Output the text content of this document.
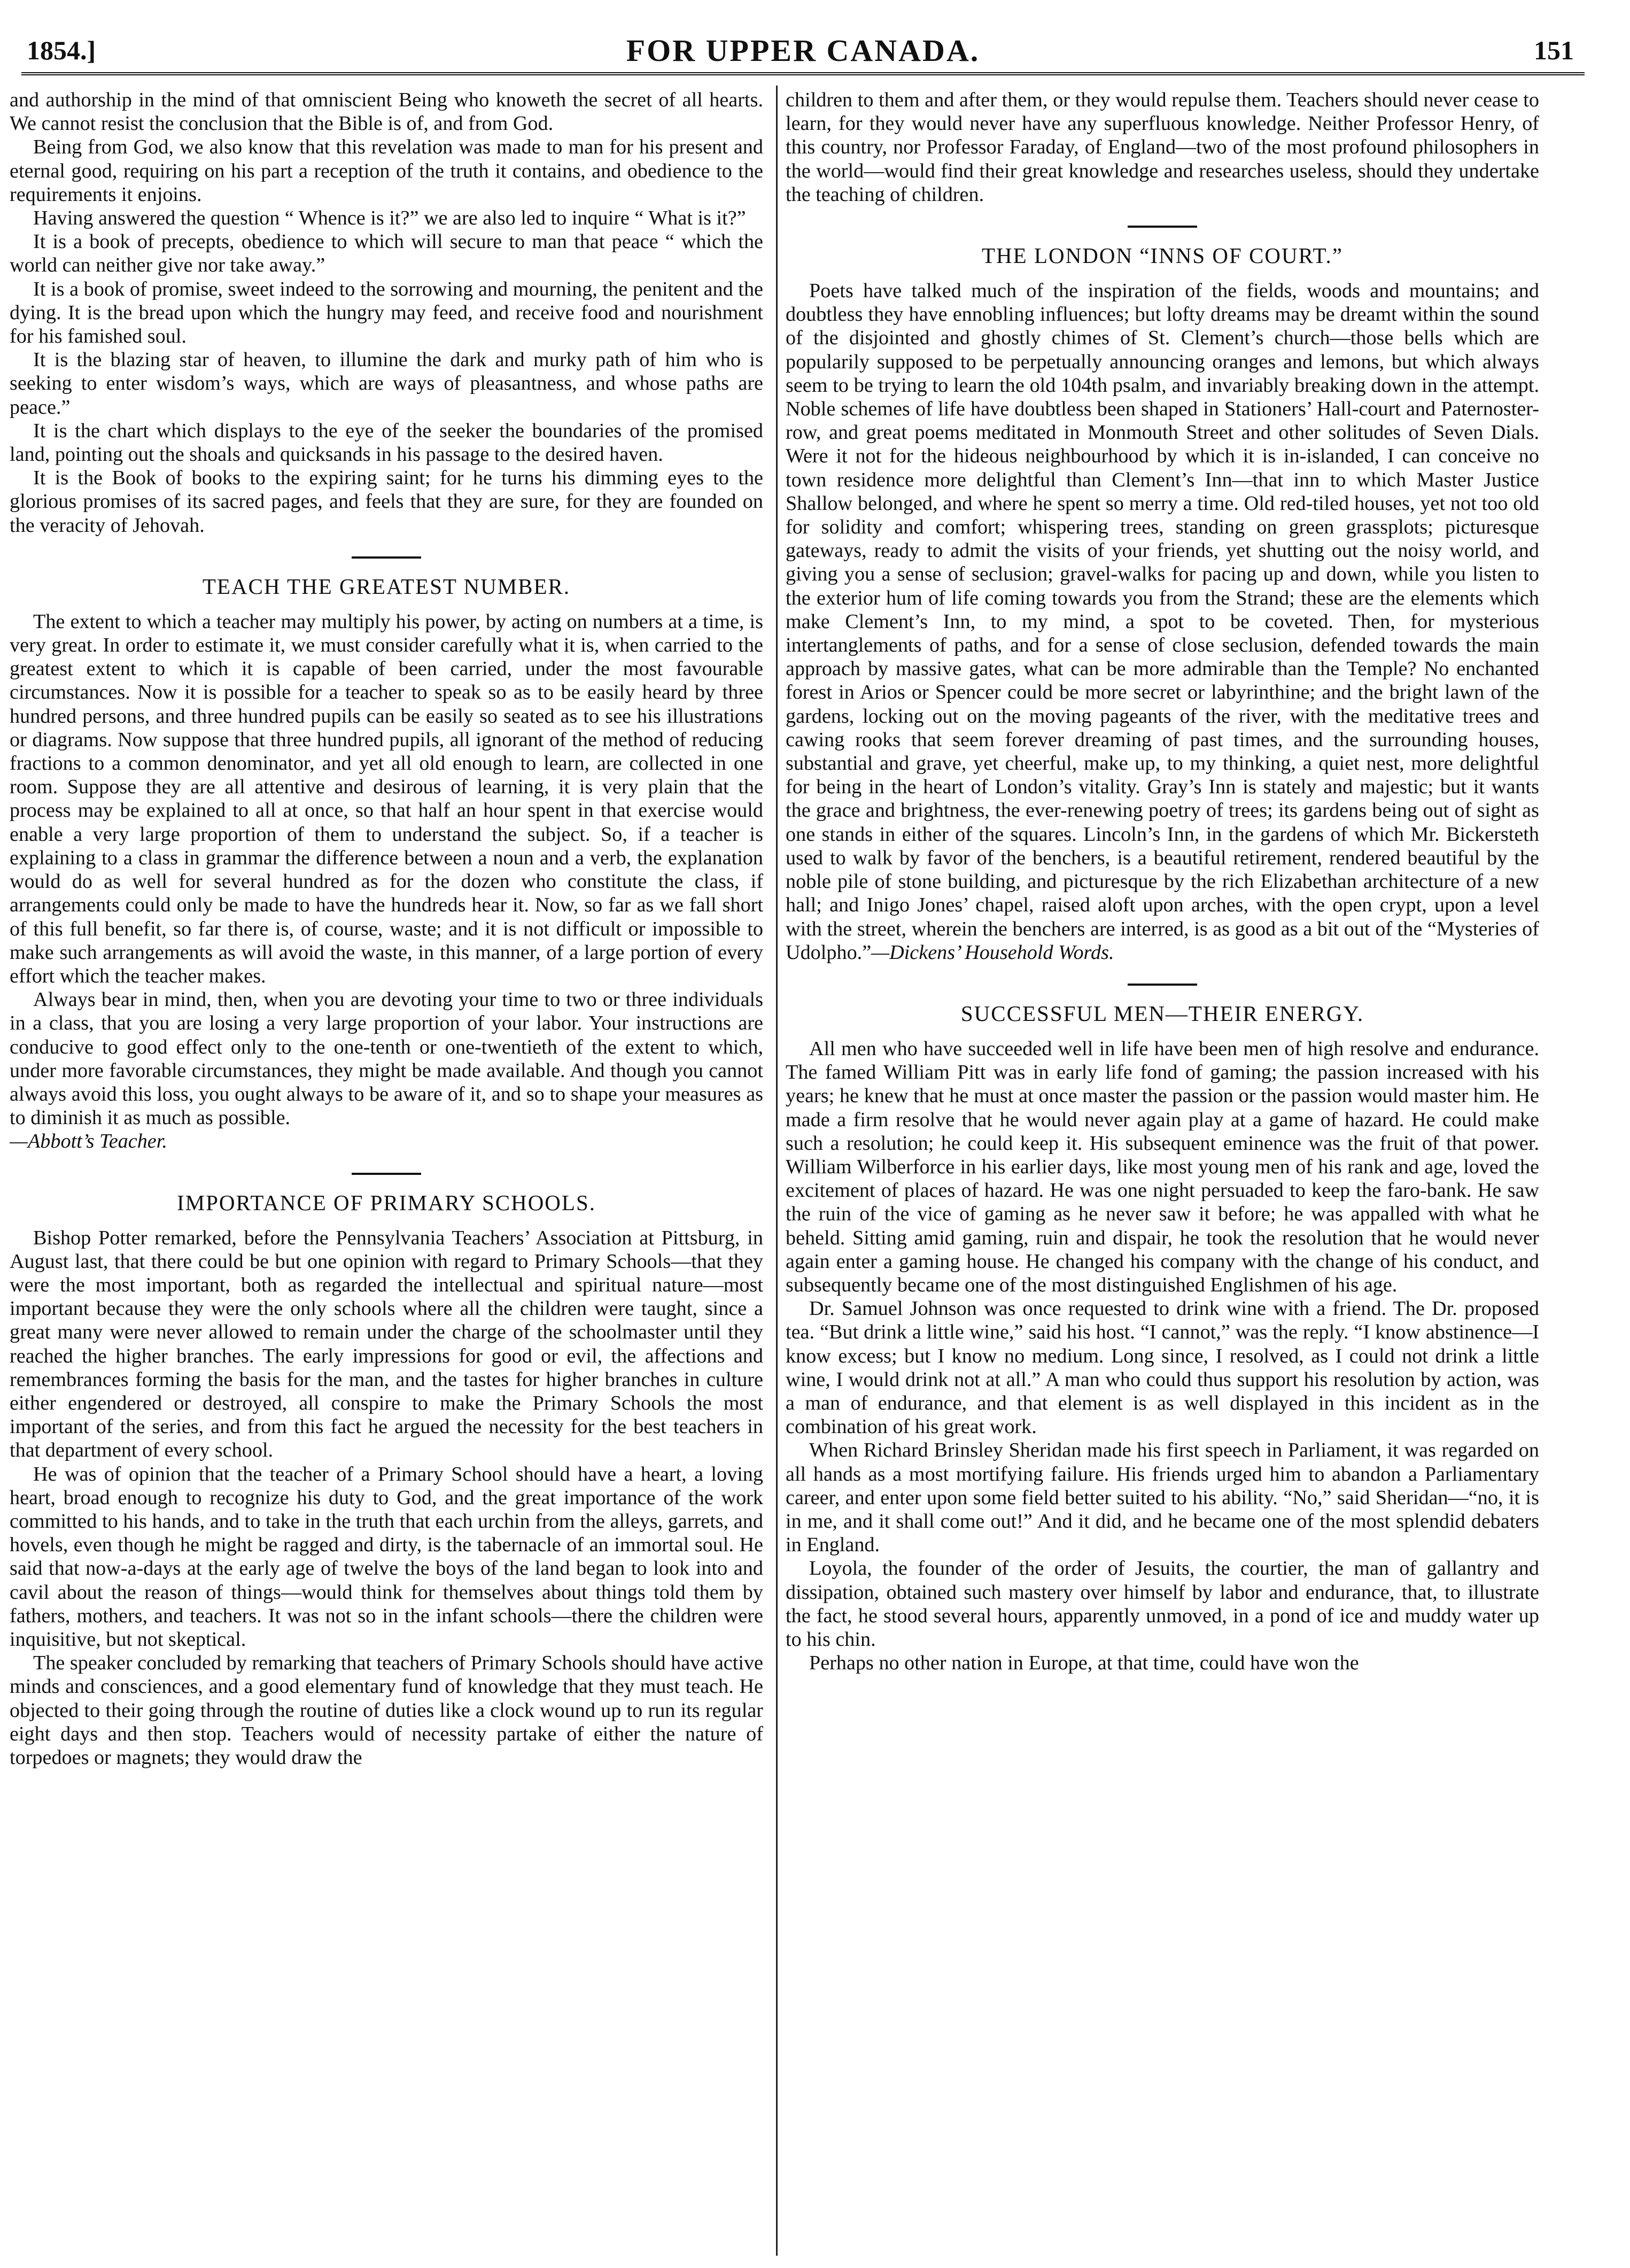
1854.]	FOR UPPER CANADA.	151

and authorship in the mind of that omniscient Being who knoweth the secret of all hearts. We cannot resist the conclusion that the Bible is of, and from God.

Being from God, we also know that this revelation was made to man for his present and eternal good, requiring on his part a reception of the truth it contains, and obedience to the requirements it enjoins.

Having answered the question “ Whence is it?” we are also led to inquire “ What is it?”

It is a book of precepts, obedience to which will secure to man that peace “ which the world can neither give nor take away.”

It is a book of promise, sweet indeed to the sorrowing and mourning, the penitent and the dying. It is the bread upon which the hungry may feed, and receive food and nourishment for his famished soul.

It is the blazing star of heaven, to illumine the dark and murky path of him who is seeking to enter wisdom’s ways, which are ways of pleasantness, and whose paths are peace.”

It is the chart which displays to the eye of the seeker the boundaries of the promised land, pointing out the shoals and quicksands in his passage to the desired haven.

It is the Book of books to the expiring saint; for he turns his dimming eyes to the glorious promises of its sacred pages, and feels that they are sure, for they are founded on the veracity of Jehovah.

TEACH THE GREATEST NUMBER.

The extent to which a teacher may multiply his power, by acting on numbers at a time, is very great. In order to estimate it, we must consider carefully what it is, when carried to the greatest extent to which it is capable of been carried, under the most favourable circumstances. Now it is possible for a teacher to speak so as to be easily heard by three hundred persons, and three hundred pupils can be easily so seated as to see his illustrations or diagrams. Now suppose that three hundred pupils, all ignorant of the method of reducing fractions to a common denominator, and yet all old enough to learn, are collected in one room. Suppose they are all attentive and desirous of learning, it is very plain that the process may be explained to all at once, so that half an hour spent in that exercise would enable a very large proportion of them to understand the subject. So, if a teacher is explaining to a class in grammar the difference between a noun and a verb, the explanation would do as well for several hundred as for the dozen who constitute the class, if arrangements could only be made to have the hundreds hear it. Now, so far as we fall short of this full benefit, so far there is, of course, waste; and it is not difficult or impossible to make such arrangements as will avoid the waste, in this manner, of a large portion of every effort which the teacher makes.

Always bear in mind, then, when you are devoting your time to two or three individuals in a class, that you are losing a very large proportion of your labor. Your instructions are conducive to good effect only to the one-tenth or one-twentieth of the extent to which, under more favorable circumstances, they might be made available. And though you cannot always avoid this loss, you ought always to be aware of it, and so to shape your measures as to diminish it as much as possible.

—Abbott’s Teacher.

IMPORTANCE OF PRIMARY SCHOOLS.

Bishop Potter remarked, before the Pennsylvania Teachers’ Association at Pittsburg, in August last, that there could be but one opinion with regard to Primary Schools—that they were the most important, both as regarded the intellectual and spiritual nature—most important because they were the only schools where all the children were taught, since a great many were never allowed to remain under the charge of the schoolmaster until they reached the higher branches. The early impressions for good or evil, the affections and remembrances forming the basis for the man, and the tastes for higher branches in culture either engendered or destroyed, all conspire to make the Primary Schools the most important of the series, and from this fact he argued the necessity for the best teachers in that department of every school.

He was of opinion that the teacher of a Primary School should have a heart, a loving heart, broad enough to recognize his duty to God, and the great importance of the work committed to his hands, and to take in the truth that each urchin from the alleys, garrets, and hovels, even though he might be ragged and dirty, is the tabernacle of an immortal soul. He said that now-a-days at the early age of twelve the boys of the land began to look into and cavil about the reason of things—would think for themselves about things told them by fathers, mothers, and teachers. It was not so in the infant schools—there the children were inquisitive, but not skeptical.

The speaker concluded by remarking that teachers of Primary Schools should have active minds and consciences, and a good elementary fund of knowledge that they must teach. He objected to their going through the routine of duties like a clock wound up to run its regular eight days and then stop. Teachers would of necessity partake of either the nature of torpedoes or magnets; they would draw the

children to them and after them, or they would repulse them. Teachers should never cease to learn, for they would never have any superfluous knowledge. Neither Professor Henry, of this country, nor Professor Faraday, of England—two of the most profound philosophers in the world—would find their great knowledge and researches useless, should they undertake the teaching of children.

THE LONDON “INNS OF COURT.”

Poets have talked much of the inspiration of the fields, woods and mountains; and doubtless they have ennobling influences; but lofty dreams may be dreamt within the sound of the disjointed and ghostly chimes of St. Clement’s church—those bells which are popularily supposed to be perpetually announcing oranges and lemons, but which always seem to be trying to learn the old 104th psalm, and invariably breaking down in the attempt. Noble schemes of life have doubtless been shaped in Stationers’ Hall-court and Paternoster-row, and great poems meditated in Monmouth Street and other solitudes of Seven Dials. Were it not for the hideous neighbourhood by which it is in-islanded, I can conceive no town residence more delightful than Clement’s Inn—that inn to which Master Justice Shallow belonged, and where he spent so merry a time. Old red-tiled houses, yet not too old for solidity and comfort; whispering trees, standing on green grassplots; picturesque gateways, ready to admit the visits of your friends, yet shutting out the noisy world, and giving you a sense of seclusion; gravel-walks for pacing up and down, while you listen to the exterior hum of life coming towards you from the Strand; these are the elements which make Clement’s Inn, to my mind, a spot to be coveted. Then, for mysterious intertanglements of paths, and for a sense of close seclusion, defended towards the main approach by massive gates, what can be more admirable than the Temple? No enchanted forest in Arios or Spencer could be more secret or labyrinthine; and the bright lawn of the gardens, locking out on the moving pageants of the river, with the meditative trees and cawing rooks that seem forever dreaming of past times, and the surrounding houses, substantial and grave, yet cheerful, make up, to my thinking, a quiet nest, more delightful for being in the heart of London’s vitality. Gray’s Inn is stately and majestic; but it wants the grace and brightness, the ever-renewing poetry of trees; its gardens being out of sight as one stands in either of the squares. Lincoln’s Inn, in the gardens of which Mr. Bickersteth used to walk by favor of the benchers, is a beautiful retirement, rendered beautiful by the noble pile of stone building, and picturesque by the rich Elizabethan architecture of a new hall; and Inigo Jones’ chapel, raised aloft upon arches, with the open crypt, upon a level with the street, wherein the benchers are interred, is as good as a bit out of the “Mysteries of Udolpho.”—Dickens’ Household Words.

SUCCESSFUL MEN—THEIR ENERGY.

All men who have succeeded well in life have been men of high resolve and endurance. The famed William Pitt was in early life fond of gaming; the passion increased with his years; he knew that he must at once master the passion or the passion would master him. He made a firm resolve that he would never again play at a game of hazard. He could make such a resolution; he could keep it. His subsequent eminence was the fruit of that power. William Wilberforce in his earlier days, like most young men of his rank and age, loved the excitement of places of hazard. He was one night persuaded to keep the faro-bank. He saw the ruin of the vice of gaming as he never saw it before; he was appalled with what he beheld. Sitting amid gaming, ruin and dispair, he took the resolution that he would never again enter a gaming house. He changed his company with the change of his conduct, and subsequently became one of the most distinguished Englishmen of his age.

Dr. Samuel Johnson was once requested to drink wine with a friend. The Dr. proposed tea. “But drink a little wine,” said his host. “I cannot,” was the reply. “I know abstinence—I know excess; but I know no medium. Long since, I resolved, as I could not drink a little wine, I would drink not at all.” A man who could thus support his resolution by action, was a man of endurance, and that element is as well displayed in this incident as in the combination of his great work.

When Richard Brinsley Sheridan made his first speech in Parliament, it was regarded on all hands as a most mortifying failure. His friends urged him to abandon a Parliamentary career, and enter upon some field better suited to his ability. “No,” said Sheridan—“no, it is in me, and it shall come out!” And it did, and he became one of the most splendid debaters in England.

Loyola, the founder of the order of Jesuits, the courtier, the man of gallantry and dissipation, obtained such mastery over himself by labor and endurance, that, to illustrate the fact, he stood several hours, apparently unmoved, in a pond of ice and muddy water up to his chin.

Perhaps no other nation in Europe, at that time, could have won the
